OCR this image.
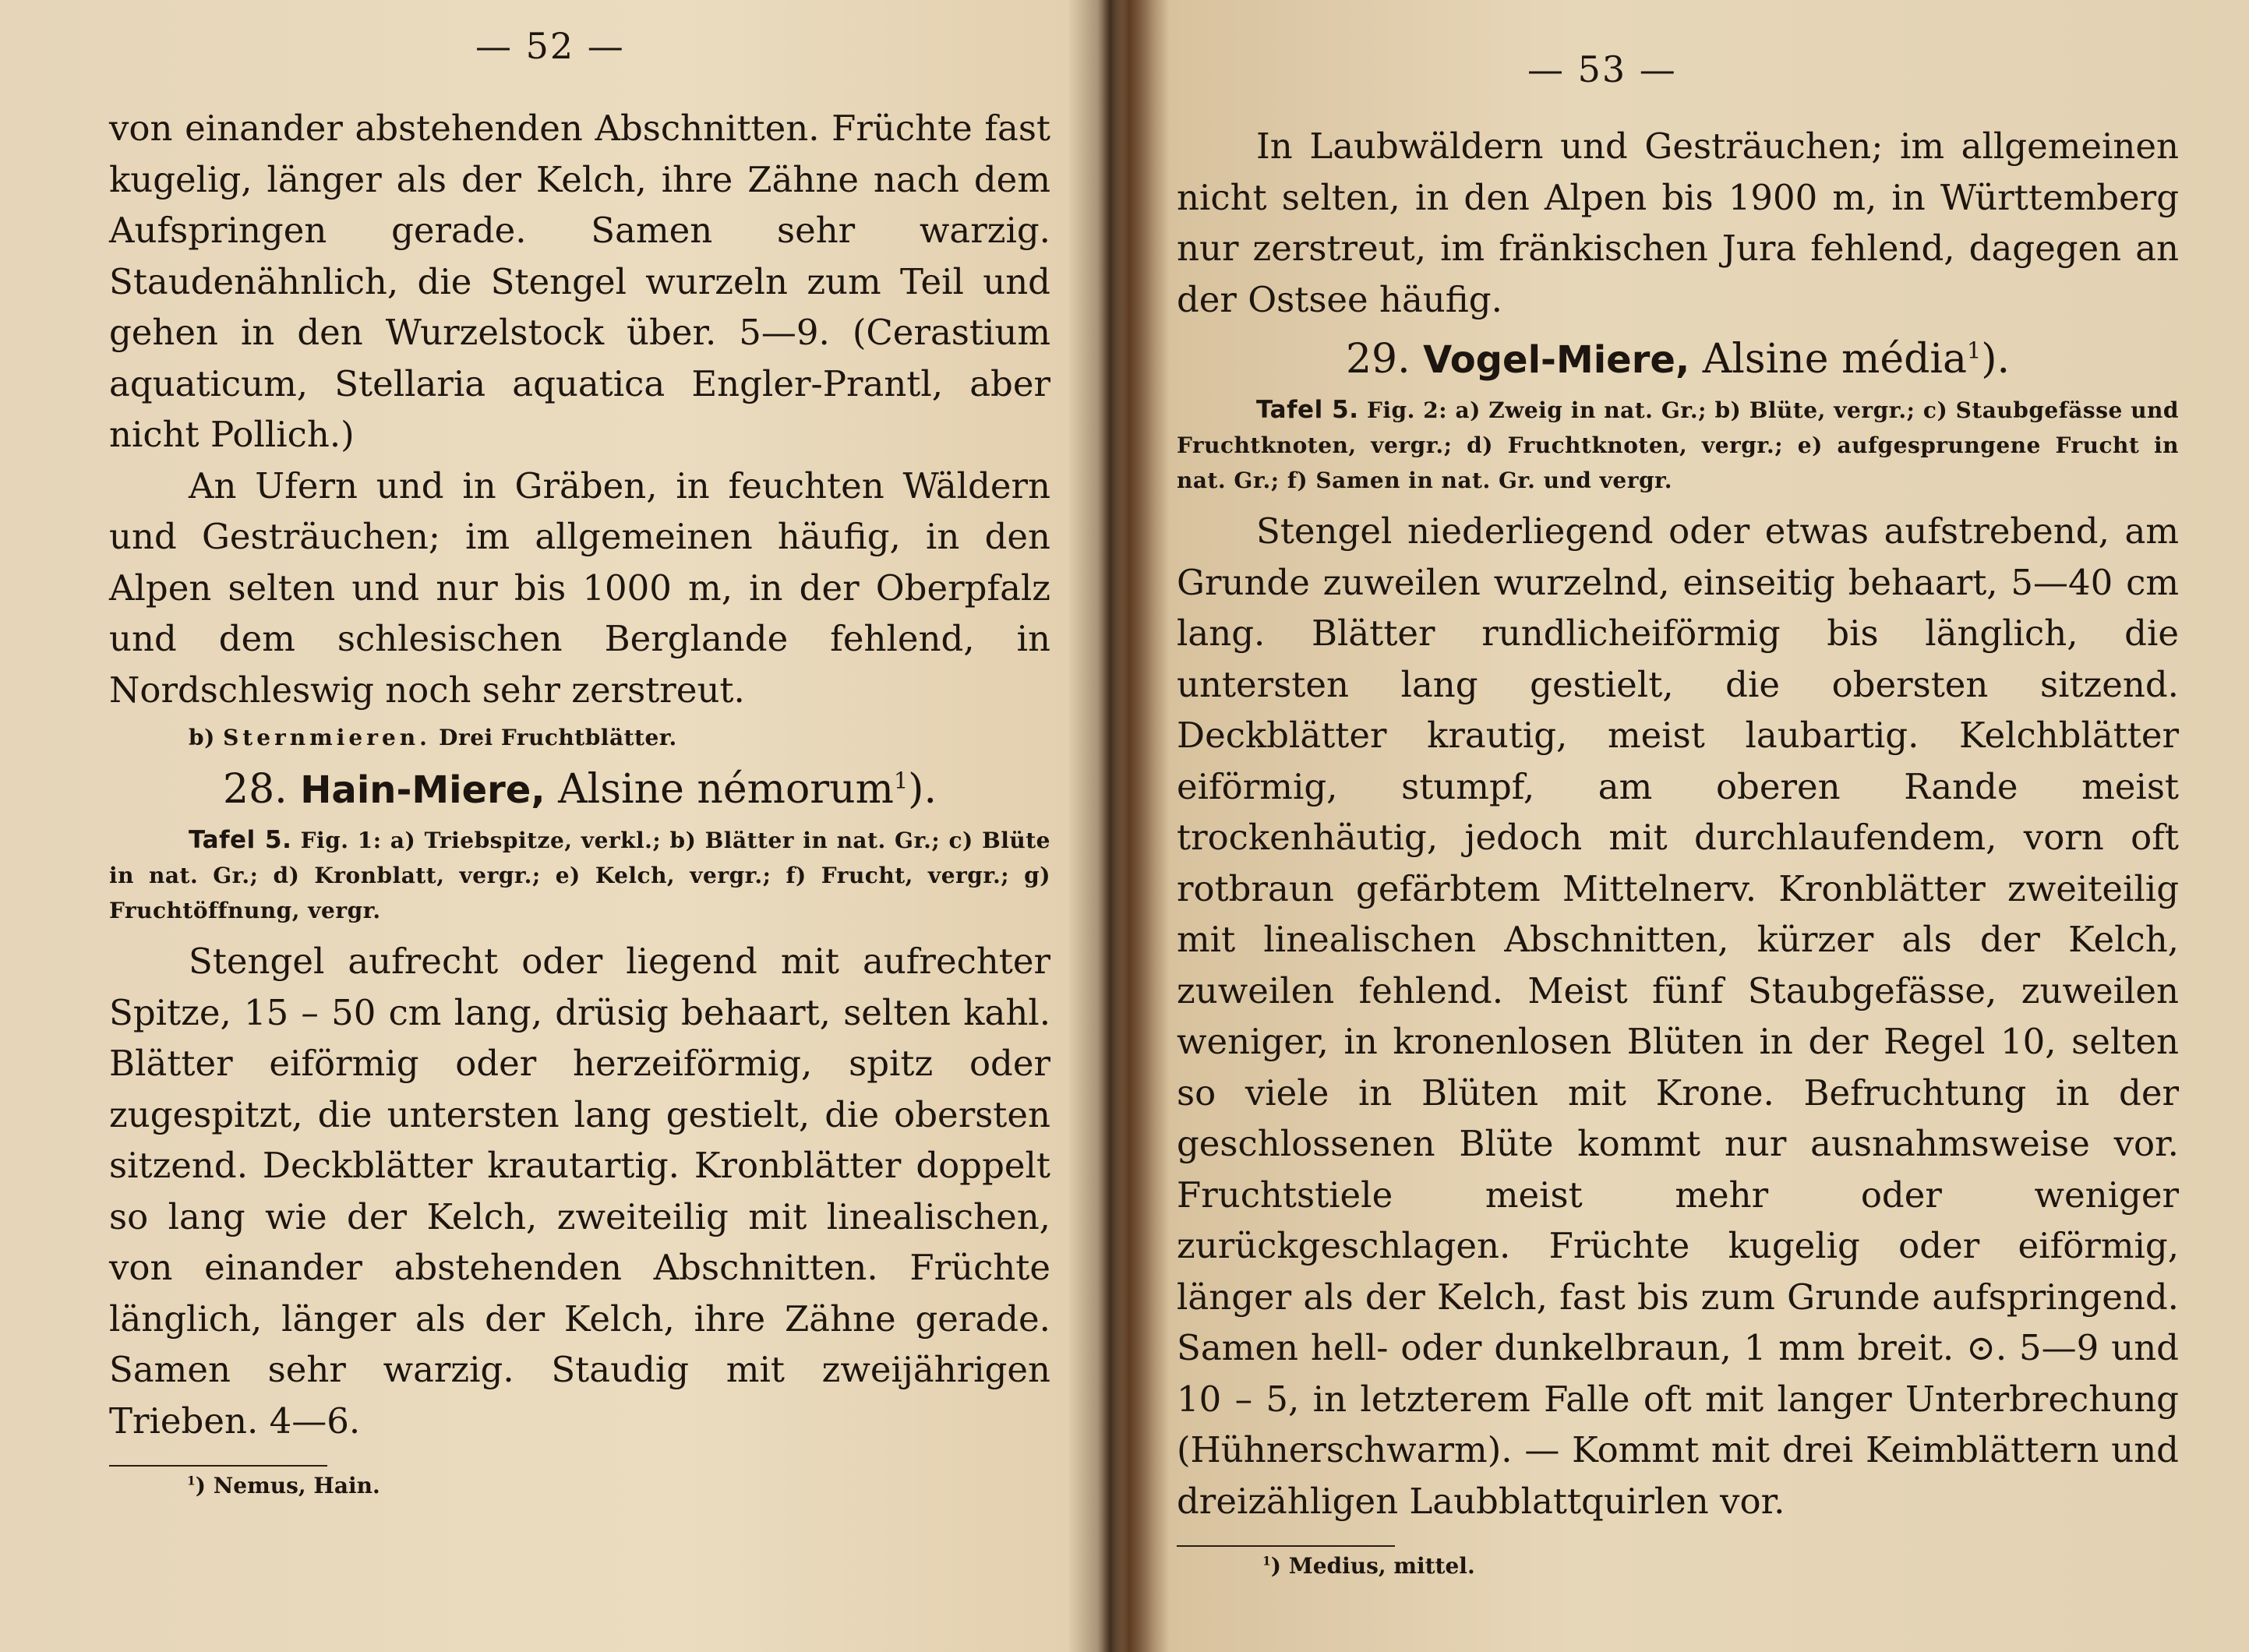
— 52 —

von einander abstehenden Abschnitten. Früchte fast kugelig, länger als der Kelch, ihre Zähne nach dem Aufspringen gerade. Samen sehr warzig. Staudenähnlich, die Stengel wurzeln zum Teil und gehen in den Wurzelstock über. 5—9. (Cerastium aquaticum, Stellaria aquatica Engler-Prantl, aber nicht Pollich.)

An Ufern und in Gräben, in feuchten Wäldern und Gesträuchen; im allgemeinen häufig, in den Alpen selten und nur bis 1000 m, in der Oberpfalz und dem schlesischen Berglande fehlend, in Nordschleswig noch sehr zerstreut.

b) Sternmieren. Drei Fruchtblätter.

28. Hain-Miere, Alsine némorum$^1$).

Tafel 5. Fig. 1: a) Triebspitze, verkl.; b) Blätter in nat. Gr.; c) Blüte in nat. Gr.; d) Kronblatt, vergr.; e) Kelch, vergr.; f) Frucht, vergr.; g) Fruchtöffnung, vergr.

Stengel aufrecht oder liegend mit aufrechter Spitze, 15 – 50 cm lang, drüsig behaart, selten kahl. Blätter eiförmig oder herzeiförmig, spitz oder zugespitzt, die untersten lang gestielt, die obersten sitzend. Deckblätter krautartig. Kronblätter doppelt so lang wie der Kelch, zweiteilig mit linealischen, von einander abstehenden Abschnitten. Früchte länglich, länger als der Kelch, ihre Zähne gerade. Samen sehr warzig. Staudig mit zweijährigen Trieben. 4—6.

$^1$) Nemus, Hain.

— 53 —

In Laubwäldern und Gesträuchen; im allgemeinen nicht selten, in den Alpen bis 1900 m, in Württemberg nur zerstreut, im fränkischen Jura fehlend, dagegen an der Ostsee häufig.

29. Vogel-Miere, Alsine média$^1$).

Tafel 5. Fig. 2: a) Zweig in nat. Gr.; b) Blüte, vergr.; c) Staubgefässe und Fruchtknoten, vergr.; d) Fruchtknoten, vergr.; e) aufgesprungene Frucht in nat. Gr.; f) Samen in nat. Gr. und vergr.

Stengel niederliegend oder etwas aufstrebend, am Grunde zuweilen wurzelnd, einseitig behaart, 5—40 cm lang. Blätter rundlicheiförmig bis länglich, die untersten lang gestielt, die obersten sitzend. Deckblätter krautig, meist laubartig. Kelchblätter eiförmig, stumpf, am oberen Rande meist trockenhäutig, jedoch mit durchlaufendem, vorn oft rotbraun gefärbtem Mittelnerv. Kronblätter zweiteilig mit linealischen Abschnitten, kürzer als der Kelch, zuweilen fehlend. Meist fünf Staubgefässe, zuweilen weniger, in kronenlosen Blüten in der Regel 10, selten so viele in Blüten mit Krone. Befruchtung in der geschlossenen Blüte kommt nur ausnahmsweise vor. Fruchtstiele meist mehr oder weniger zurückgeschlagen. Früchte kugelig oder eiförmig, länger als der Kelch, fast bis zum Grunde aufspringend. Samen hell- oder dunkelbraun, 1 mm breit. ⊙. 5—9 und 10 – 5, in letzterem Falle oft mit langer Unterbrechung (Hühnerschwarm). — Kommt mit drei Keimblättern und dreizähligen Laubblattquirlen vor.

$^1$) Medius, mittel.
